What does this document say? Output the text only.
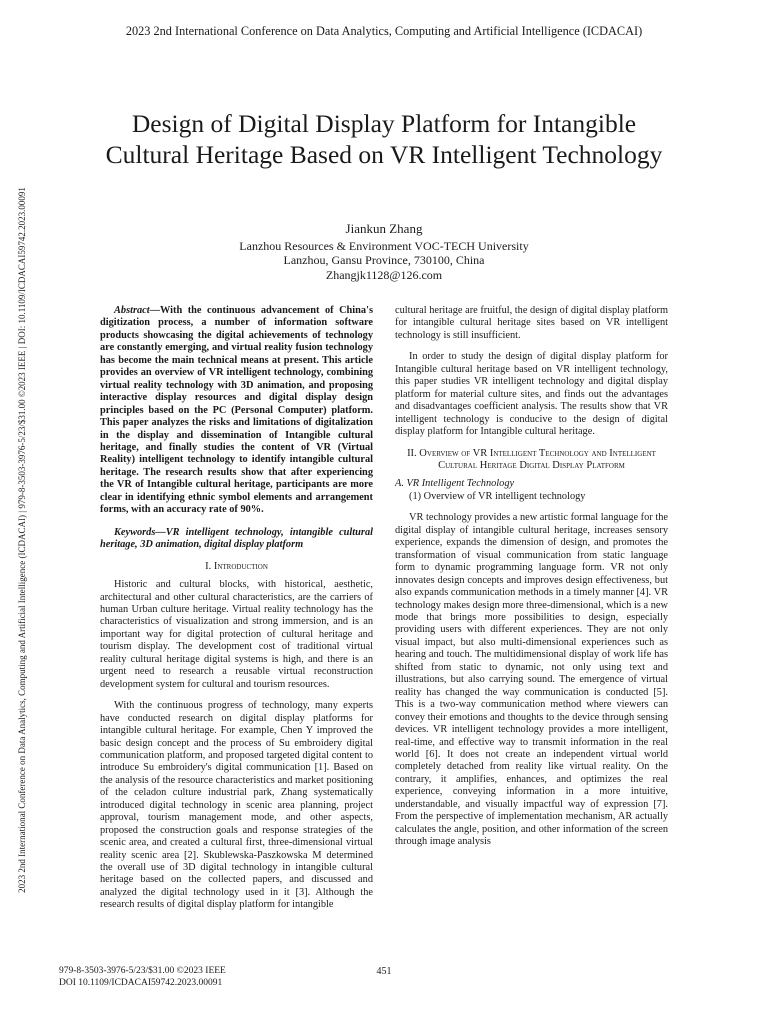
2023 2nd International Conference on Data Analytics, Computing and Artificial Intelligence (ICDACAI)
2023 2nd International Conference on Data Analytics, Computing and Artificial Intelligence (ICDACAI) | 979-8-3503-3976-5/23/$31.00 ©2023 IEEE | DOI: 10.1109/ICDACAI59742.2023.00091
Design of Digital Display Platform for Intangible Cultural Heritage Based on VR Intelligent Technology
Jiankun Zhang
Lanzhou Resources & Environment VOC-TECH University
Lanzhou, Gansu Province, 730100, China
Zhangjk1128@126.com

Abstract—With the continuous advancement of China's digitization process, a number of information software products showcasing the digital achievements of technology are constantly emerging, and virtual reality fusion technology has become the main technical means at present. This article provides an overview of VR intelligent technology, combining virtual reality technology with 3D animation, and proposing interactive display resources and digital display design principles based on the PC (Personal Computer) platform. This paper analyzes the risks and limitations of digitalization in the display and dissemination of Intangible cultural heritage, and finally studies the content of VR (Virtual Reality) intelligent technology to identify intangible cultural heritage. The research results show that after experiencing the VR of Intangible cultural heritage, participants are more clear in identifying ethnic symbol elements and arrangement forms, with an accuracy rate of 90%.

Keywords—VR intelligent technology, intangible cultural heritage, 3D animation, digital display platform

I. Introduction

Historic and cultural blocks, with historical, aesthetic, architectural and other cultural characteristics, are the carriers of human Urban culture heritage. Virtual reality technology has the characteristics of visualization and strong immersion, and is an important way for digital protection of cultural heritage and tourism display. The development cost of traditional virtual reality cultural heritage digital systems is high, and there is an urgent need to research a reusable virtual reconstruction development system for cultural and tourism resources.

With the continuous progress of technology, many experts have conducted research on digital display platforms for intangible cultural heritage. For example, Chen Y improved the basic design concept and the process of Su embroidery digital communication platform, and proposed targeted digital content to introduce Su embroidery's digital communication [1]. Based on the analysis of the resource characteristics and market positioning of the celadon culture industrial park, Zhang systematically introduced digital technology in scenic area planning, project approval, tourism management mode, and other aspects, proposed the construction goals and response strategies of the scenic area, and created a cultural first, three-dimensional virtual reality scenic area [2]. Skublewska-Paszkowska M determined the overall use of 3D digital technology in intangible cultural heritage based on the collected papers, and discussed and analyzed the digital technology used in it [3]. Although the research results of digital display platform for intangible

cultural heritage are fruitful, the design of digital display platform for intangible cultural heritage sites based on VR intelligent technology is still insufficient.

In order to study the design of digital display platform for Intangible cultural heritage based on VR intelligent technology, this paper studies VR intelligent technology and digital display platform for material culture sites, and finds out the advantages and disadvantages coefficient analysis. The results show that VR intelligent technology is conducive to the design of digital display platform for Intangible cultural heritage.

II. Overview of VR Intelligent Technology and Intelligent Cultural Heritage Digital Display Platform

A. VR Intelligent Technology

(1) Overview of VR intelligent technology

VR technology provides a new artistic formal language for the digital display of intangible cultural heritage, increases sensory experience, expands the dimension of design, and promotes the transformation of visual communication from static language form to dynamic programming language form. VR not only innovates design concepts and improves design effectiveness, but also expands communication methods in a timely manner [4]. VR technology makes design more three-dimensional, which is a new mode that brings more possibilities to design, especially providing users with different experiences. They are not only visual impact, but also multi-dimensional experiences such as hearing and touch. The multidimensional display of work life has shifted from static to dynamic, not only using text and illustrations, but also carrying sound. The emergence of virtual reality has changed the way communication is conducted [5]. This is a two-way communication method where viewers can convey their emotions and thoughts to the device through sensing devices. VR intelligent technology provides a more intelligent, real-time, and effective way to transmit information in the real world [6]. It does not create an independent virtual world completely detached from reality like virtual reality. On the contrary, it amplifies, enhances, and optimizes the real experience, conveying information in a more intuitive, understandable, and visually impactful way of expression [7]. From the perspective of implementation mechanism, AR actually calculates the angle, position, and other information of the screen through image analysis

979-8-3503-3976-5/23/$31.00 ©2023 IEEE
DOI 10.1109/ICDACAI59742.2023.00091
451
